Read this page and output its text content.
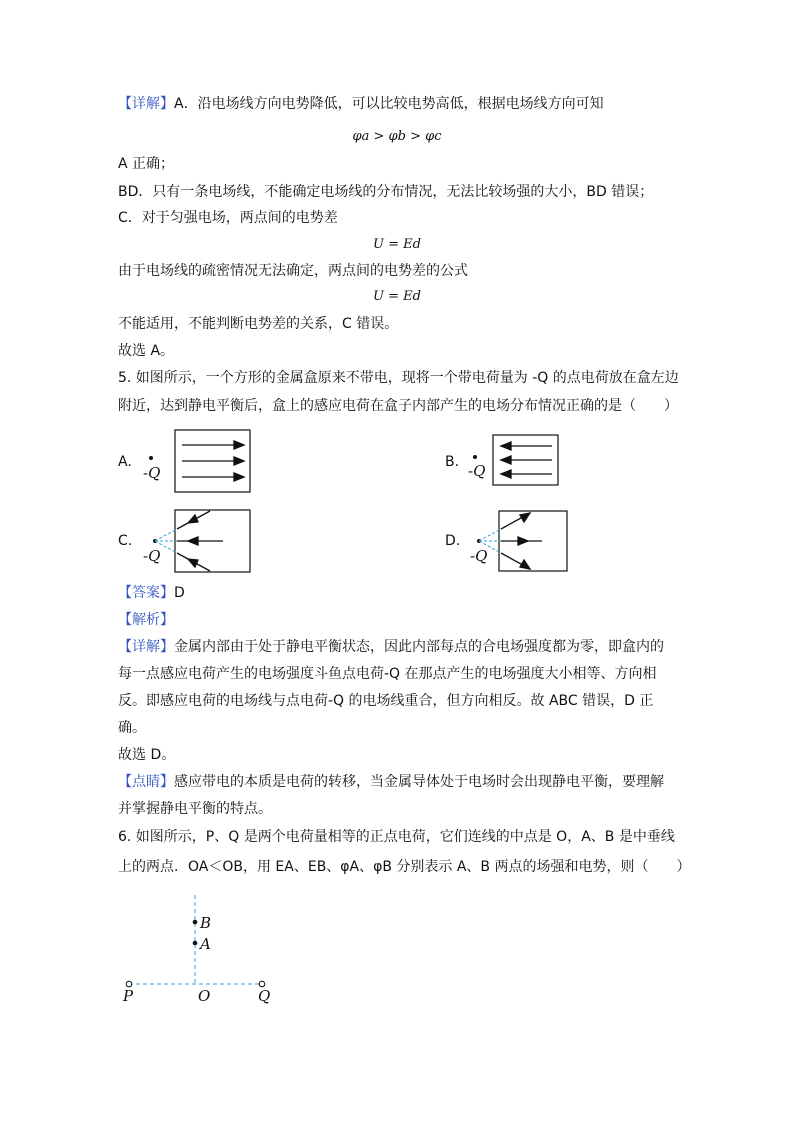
【详解】A．沿电场线方向电势降低，可以比较电势高低，根据电场线方向可知
φa > φb > φc
A 正确；
BD．只有一条电场线，不能确定电场线的分布情况，无法比较场强的大小，BD 错误；
C．对于匀强电场，两点间的电势差
U = Ed
由于电场线的疏密情况无法确定，两点间的电势差的公式
U = Ed
不能适用，不能判断电势差的关系，C 错误。
故选 A。
5. 如图所示，一个方形的金属盒原来不带电，现将一个带电荷量为 -Q 的点电荷放在盒左边
附近，达到静电平衡后，盒上的感应电荷在盒子内部产生的电场分布情况正确的是（　　）
A.
-Q
B. -Q
C.
-Q
D.
-Q
【答案】D
【解析】
【详解】金属内部由于处于静电平衡状态，因此内部每点的合电场强度都为零，即盒内的
每一点感应电荷产生的电场强度斗鱼点电荷-Q 在那点产生的电场强度大小相等、方向相
反。即感应电荷的电场线与点电荷-Q 的电场线重合，但方向相反。故 ABC 错误，D 正
确。
故选 D。
【点睛】感应带电的本质是电荷的转移，当金属导体处于电场时会出现静电平衡，要理解
并掌握静电平衡的特点。
6. 如图所示，P、Q 是两个电荷量相等的正点电荷，它们连线的中点是 O，A、B 是中垂线
上的两点．OA＜OB，用 EA、EB、φA、φB 分别表示 A、B 两点的场强和电势，则（　　）
B
A
P	O	Q
